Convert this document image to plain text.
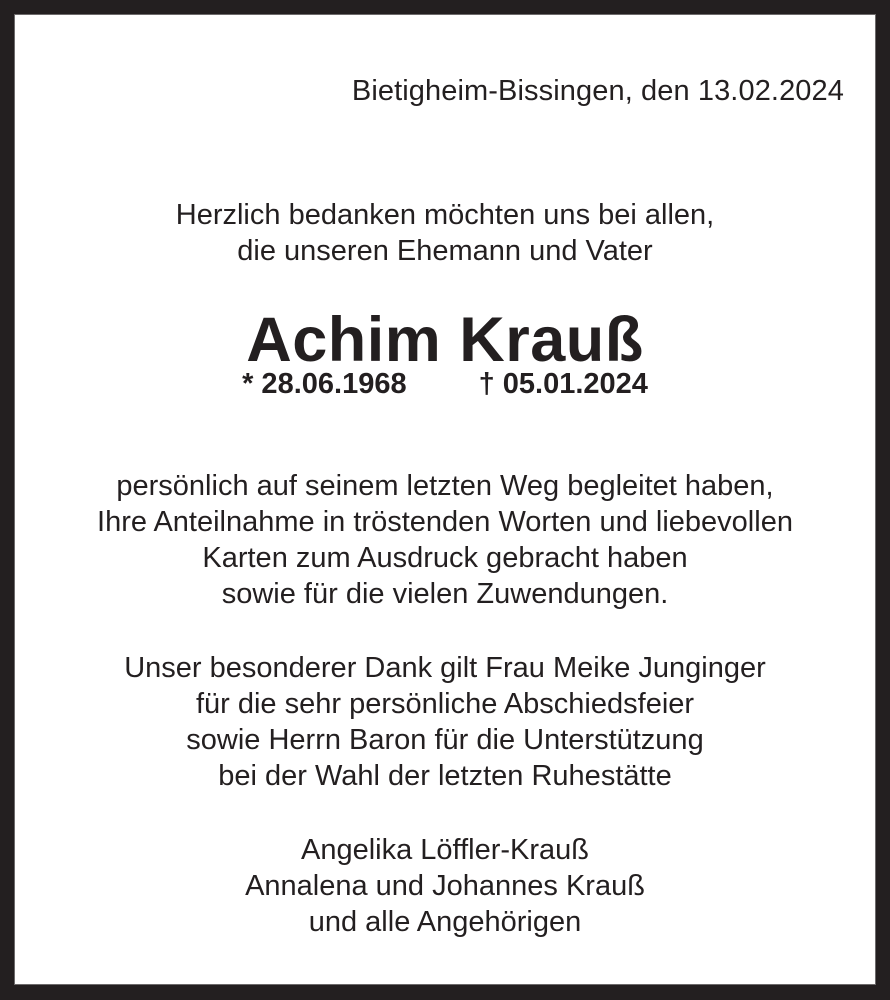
Bietigheim-Bissingen, den 13.02.2024
Herzlich bedanken möchten uns bei allen,
die unseren Ehemann und Vater
Achim Krauß
* 28.06.1968 † 05.01.2024
persönlich auf seinem letzten Weg begleitet haben,
Ihre Anteilnahme in tröstenden Worten und liebevollen
Karten zum Ausdruck gebracht haben
sowie für die vielen Zuwendungen.
Unser besonderer Dank gilt Frau Meike Junginger
für die sehr persönliche Abschiedsfeier
sowie Herrn Baron für die Unterstützung
bei der Wahl der letzten Ruhestätte
Angelika Löffler-Krauß
Annalena und Johannes Krauß
und alle Angehörigen
